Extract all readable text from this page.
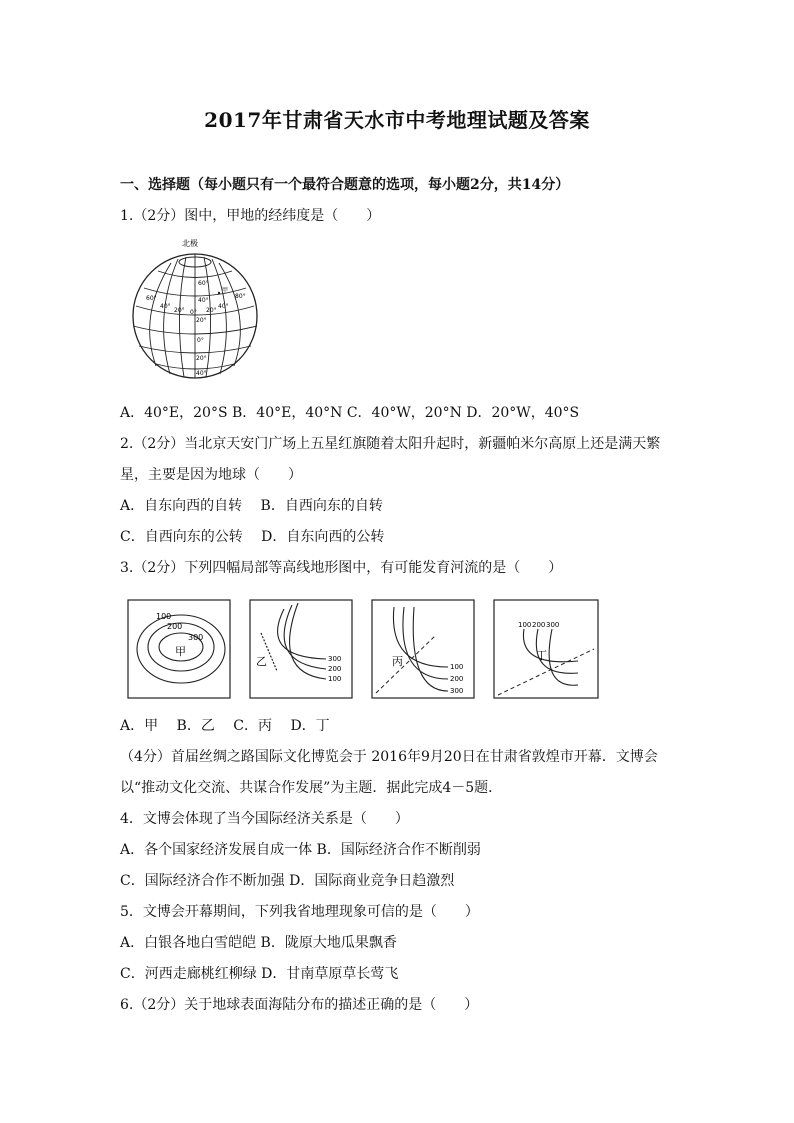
2017年甘肃省天水市中考地理试题及答案
一、选择题（每小题只有一个最符合题意的选项，每小题2分，共14分）
1.（2分）图中，甲地的经纬度是（　　）
北极
60°
40°
20°
0°
20°
40°
40°
20° 0° 20°
40°
60°	80°
甲
A．40°E，20°S B．40°E，40°N C．40°W，20°N D．20°W，40°S
2.（2分）当北京天安门广场上五星红旗随着太阳升起时，新疆帕米尔高原上还是满天繁
星，主要是因为地球（　　）
A．自东向西的自转　 B．自西向东的自转
C．自西向东的公转　 D．自东向西的公转
3.（2分）下列四幅局部等高线地形图中，有可能发育河流的是（　　）
100
200
300
甲
300
200
100
乙	100
200
300
丙
100 200 300
丁
A．甲　 B．乙　 C．丙　 D．丁
（4分）首届丝绸之路国际文化博览会于 2016年9月20日在甘肃省敦煌市开幕．文博会
以“推动文化交流、共谋合作发展”为主题．据此完成4－5题．
4．文博会体现了当今国际经济关系是（　　）
A．各个国家经济发展自成一体 B．国际经济合作不断削弱
C．国际经济合作不断加强 D．国际商业竞争日趋激烈
5．文博会开幕期间，下列我省地理现象可信的是（　　）
A．白银各地白雪皑皑 B．陇原大地瓜果飘香
C．河西走廊桃红柳绿 D．甘南草原草长莺飞
6.（2分）关于地球表面海陆分布的描述正确的是（　　）
